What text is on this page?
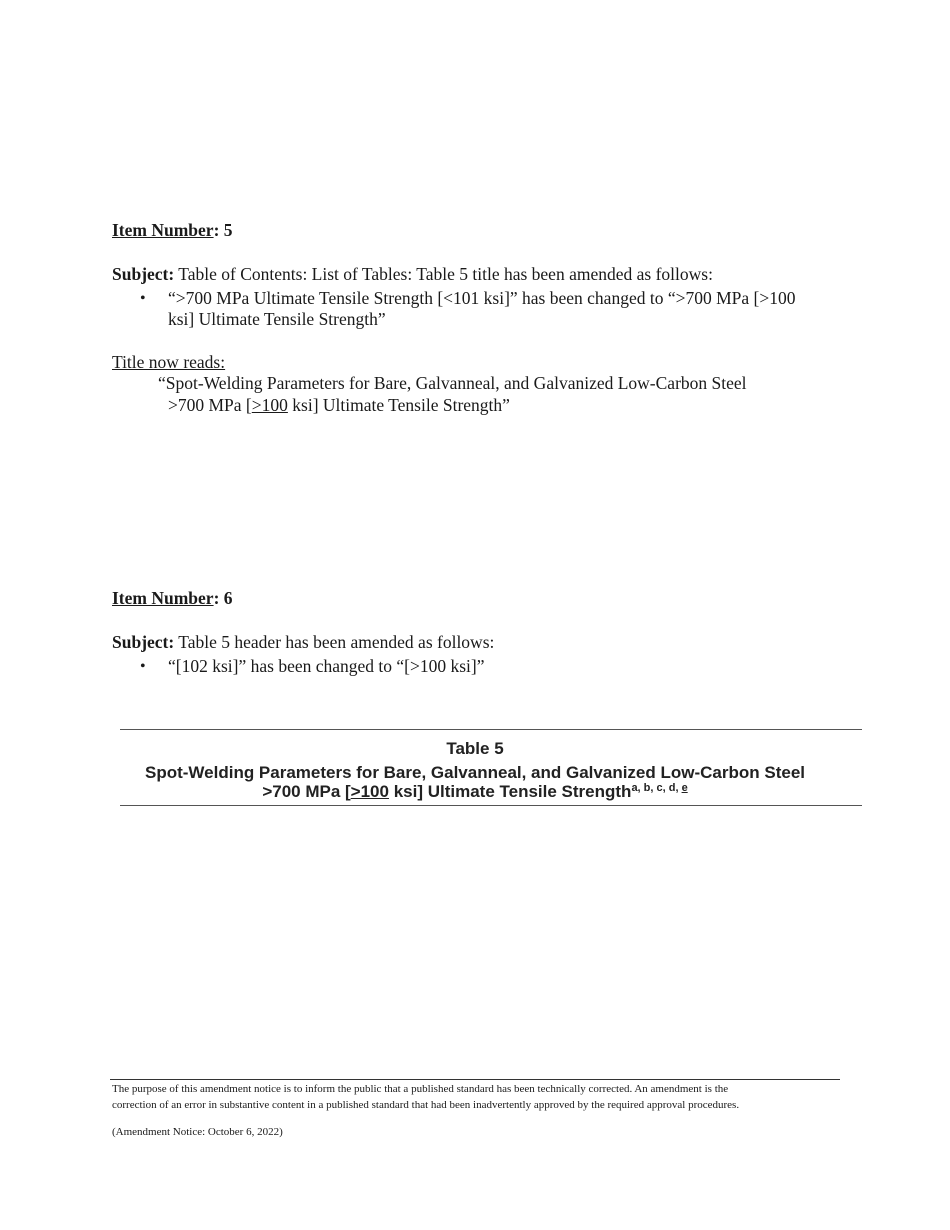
Item Number: 5
Subject: Table of Contents: List of Tables: Table 5 title has been amended as follows:
• “>700 MPa Ultimate Tensile Strength [<101 ksi]” has been changed to “>700 MPa [>100
ksi] Ultimate Tensile Strength”
Title now reads:
“Spot-Welding Parameters for Bare, Galvanneal, and Galvanized Low-Carbon Steel
>700 MPa [>100 ksi] Ultimate Tensile Strength”
Item Number: 6
Subject: Table 5 header has been amended as follows:
• “[102 ksi]” has been changed to “[>100 ksi]”
Table 5
Spot-Welding Parameters for Bare, Galvanneal, and Galvanized Low-Carbon Steel
>700 MPa [>100 ksi] Ultimate Tensile Strength$^{a, b, c, d, e}$
The purpose of this amendment notice is to inform the public that a published standard has been technically corrected. An amendment is the
correction of an error in substantive content in a published standard that had been inadvertently approved by the required approval procedures.
(Amendment Notice: October 6, 2022)
